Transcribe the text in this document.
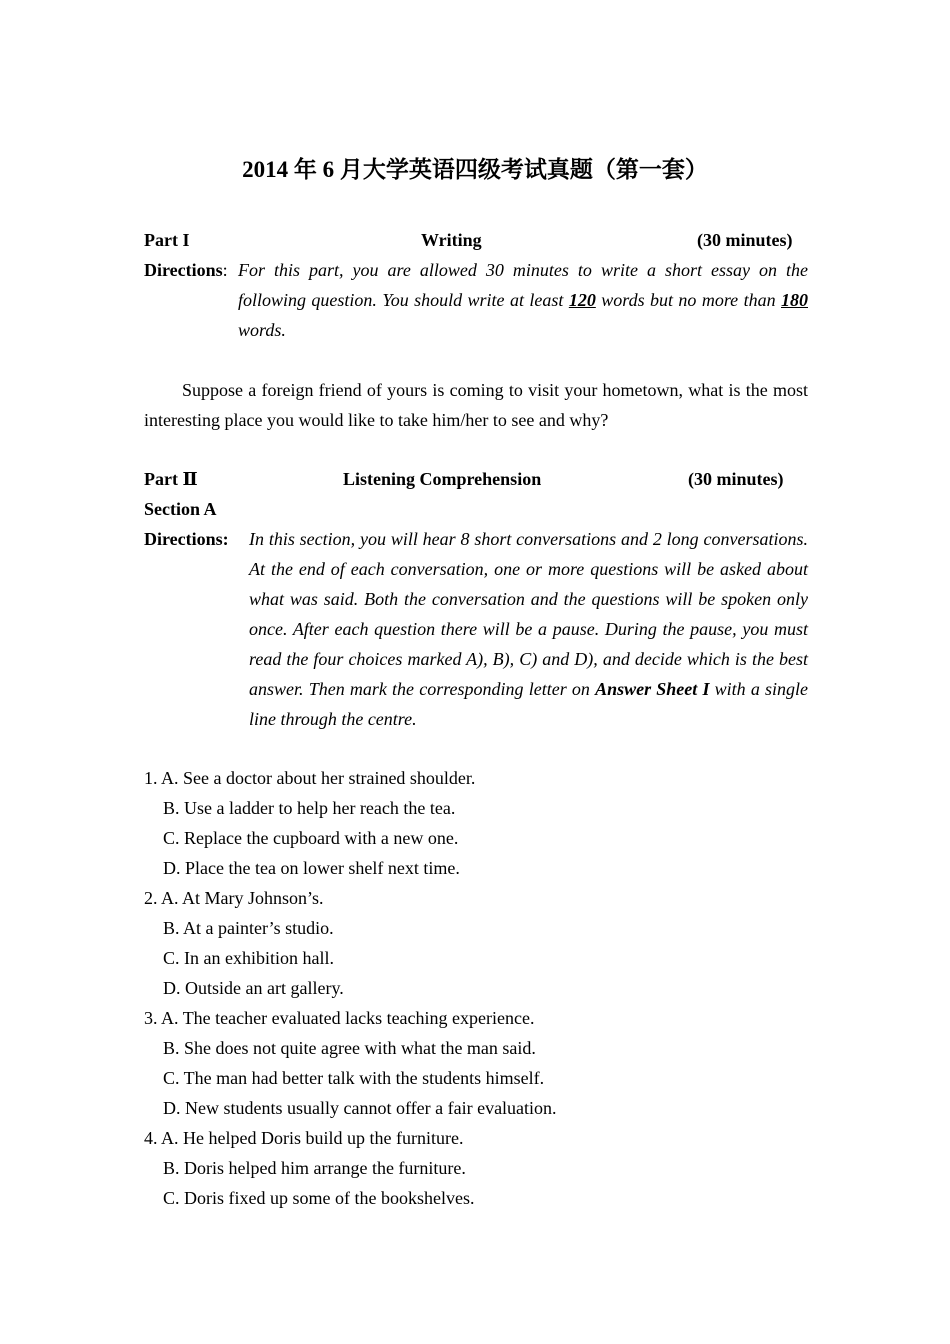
2014 年 6 月大学英语四级考试真题（第一套）
Part I	Writing	(30 minutes)
Directions: For this part, you are allowed 30 minutes to write a short essay on the following question. You should write at least 120 words but no more than 180 words.

Suppose a foreign friend of yours is coming to visit your hometown, what is the most interesting place you would like to take him/her to see and why?

Part Ⅱ	Listening Comprehension	(30 minutes)
Section A
Directions: In this section, you will hear 8 short conversations and 2 long conversations. At the end of each conversation, one or more questions will be asked about what was said. Both the conversation and the questions will be spoken only once. After each question there will be a pause. During the pause, you must read the four choices marked A), B), C) and D), and decide which is the best answer. Then mark the corresponding letter on Answer Sheet I with a single line through the centre.

1. A. See a doctor about her strained shoulder.

B. Use a ladder to help her reach the tea.

C. Replace the cupboard with a new one.

D. Place the tea on lower shelf next time.

2. A. At Mary Johnson’s.

B. At a painter’s studio.

C. In an exhibition hall.

D. Outside an art gallery.

3. A. The teacher evaluated lacks teaching experience.

B. She does not quite agree with what the man said.

C. The man had better talk with the students himself.

D. New students usually cannot offer a fair evaluation.

4. A. He helped Doris build up the furniture.

B. Doris helped him arrange the furniture.

C. Doris fixed up some of the bookshelves.
